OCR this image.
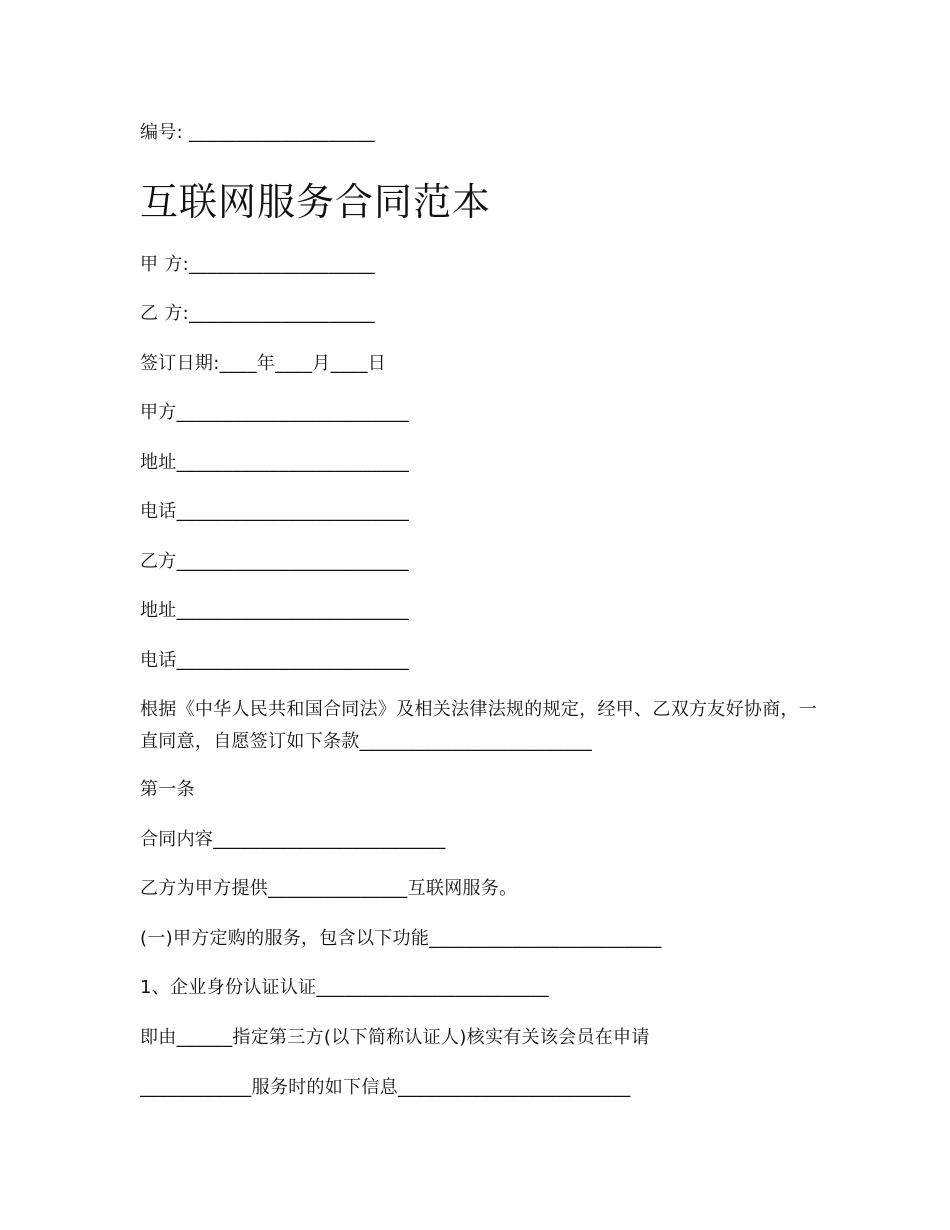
编号: ____________________
互联网服务合同范本
甲 方:____________________
乙 方:____________________
签订日期:____年____月____日
甲方_________________________
地址_________________________
电话_________________________
乙方_________________________
地址_________________________
电话_________________________
根据《中华人民共和国合同法》及相关法律法规的规定，经甲、乙双方友好协商，一直同意，自愿签订如下条款_________________________
第一条
合同内容_________________________
乙方为甲方提供_______________互联网服务。
(一)甲方定购的服务，包含以下功能_________________________
1、企业身份认证认证_________________________
即由______指定第三方(以下简称认证人)核实有关该会员在申请
____________服务时的如下信息_________________________
